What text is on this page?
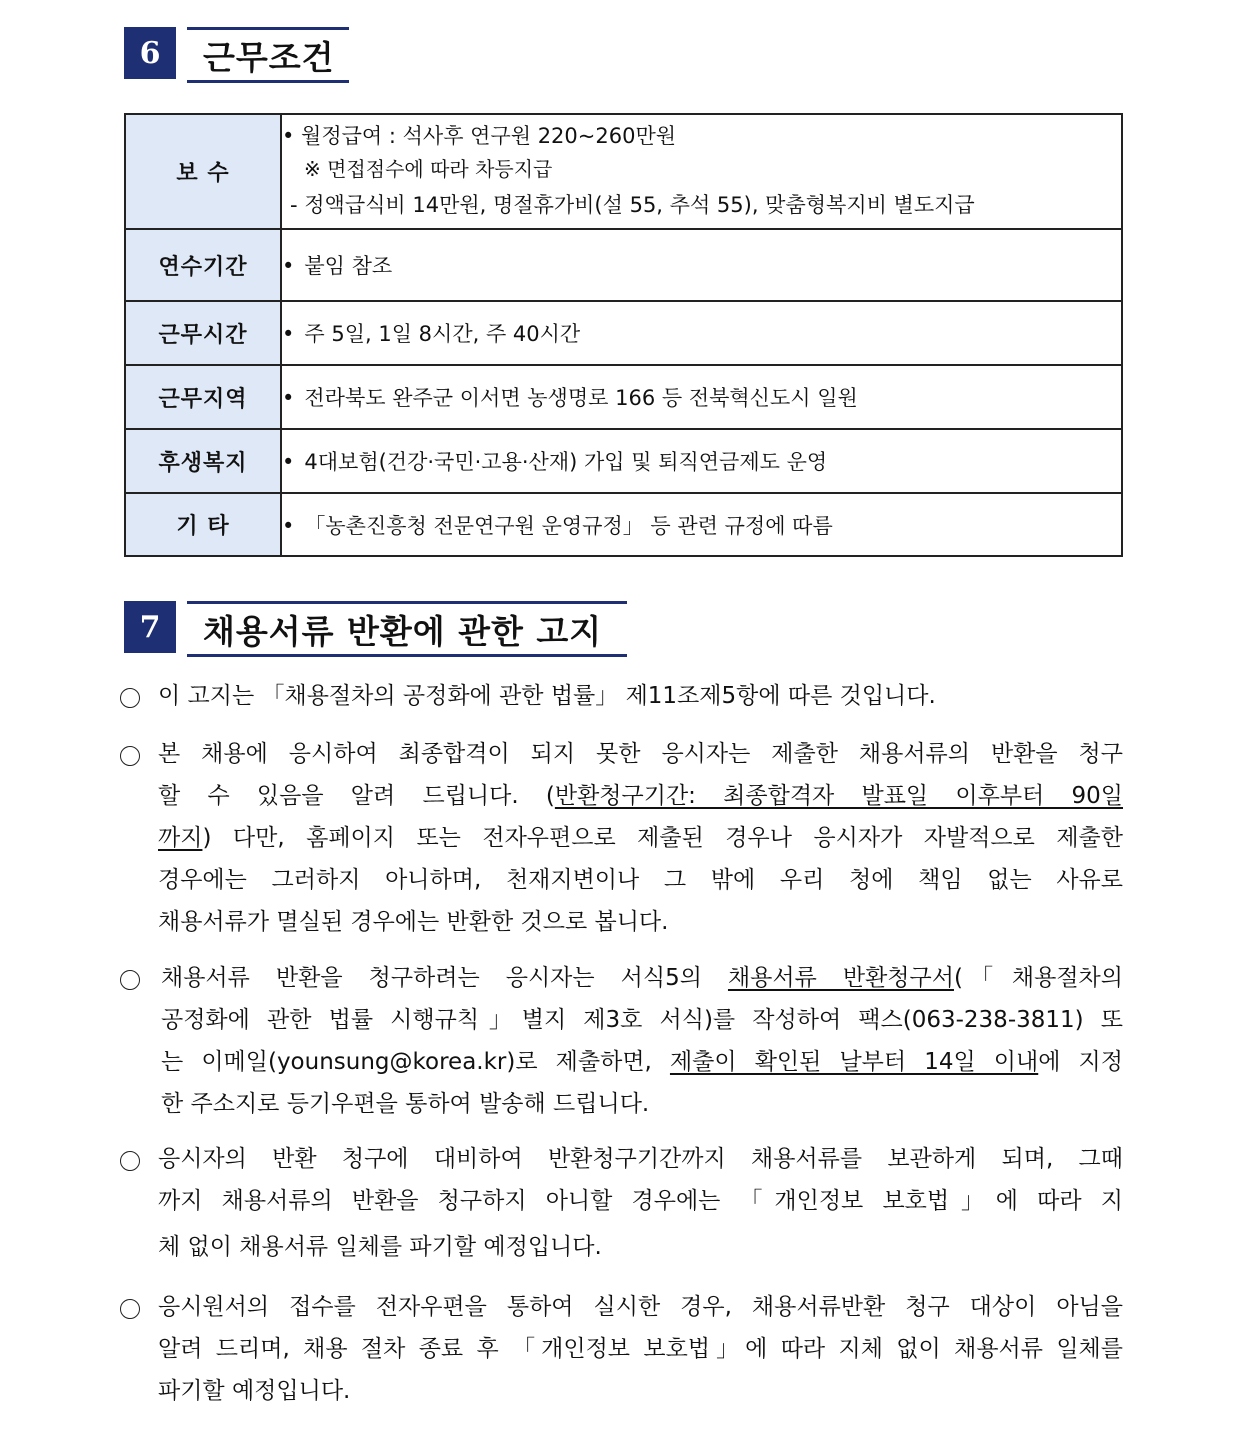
6	근무조건
보 수	• 월정급여 : 석사후 연구원 220~260만원
※ 면접점수에 따라 차등지급
- 정액급식비 14만원, 명절휴가비(설 55, 추석 55), 맞춤형복지비 별도지급

연수기간	•붙임 참조
근무시간	•주 5일, 1일 8시간, 주 40시간
근무지역	•전라북도 완주군 이서면 농생명로 166 등 전북혁신도시 일원
후생복지	•4대보험(건강·국민·고용·산재) 가입 및 퇴직연금제도 운영
기 타	•「농촌진흥청 전문연구원 운영규정」 등 관련 규정에 따름
7	채용서류 반환에 관한 고지
이 고지는 「채용절차의 공정화에 관한 법률」 제11조제5항에 따른 것입니다.
본 채용에 응시하여 최종합격이 되지 못한 응시자는 제출한 채용서류의 반환을 청구
할 수 있음을 알려 드립니다. (반환청구기간: 최종합격자 발표일 이후부터 90일
까지) 다만, 홈페이지 또는 전자우편으로 제출된 경우나 응시자가 자발적으로 제출한
경우에는 그러하지 아니하며, 천재지변이나 그 밖에 우리 청에 책임 없는 사유로
채용서류가 멸실된 경우에는 반환한 것으로 봅니다.
채용서류 반환을 청구하려는 응시자는 서식5의 채용서류 반환청구서(「채용절차의
공정화에 관한 법률 시행규칙」별지 제3호 서식)를 작성하여 팩스(063-238-3811) 또
는 이메일(younsung@korea.kr)로 제출하면, 제출이 확인된 날부터 14일 이내에 지정
한 주소지로 등기우편을 통하여 발송해 드립니다.
응시자의 반환 청구에 대비하여 반환청구기간까지 채용서류를 보관하게 되며, 그때
까지 채용서류의 반환을 청구하지 아니할 경우에는 「개인정보 보호법」에 따라 지
체 없이 채용서류 일체를 파기할 예정입니다.
응시원서의 접수를 전자우편을 통하여 실시한 경우, 채용서류반환 청구 대상이 아님을
알려 드리며, 채용 절차 종료 후 「개인정보 보호법」에 따라 지체 없이 채용서류 일체를
파기할 예정입니다.
